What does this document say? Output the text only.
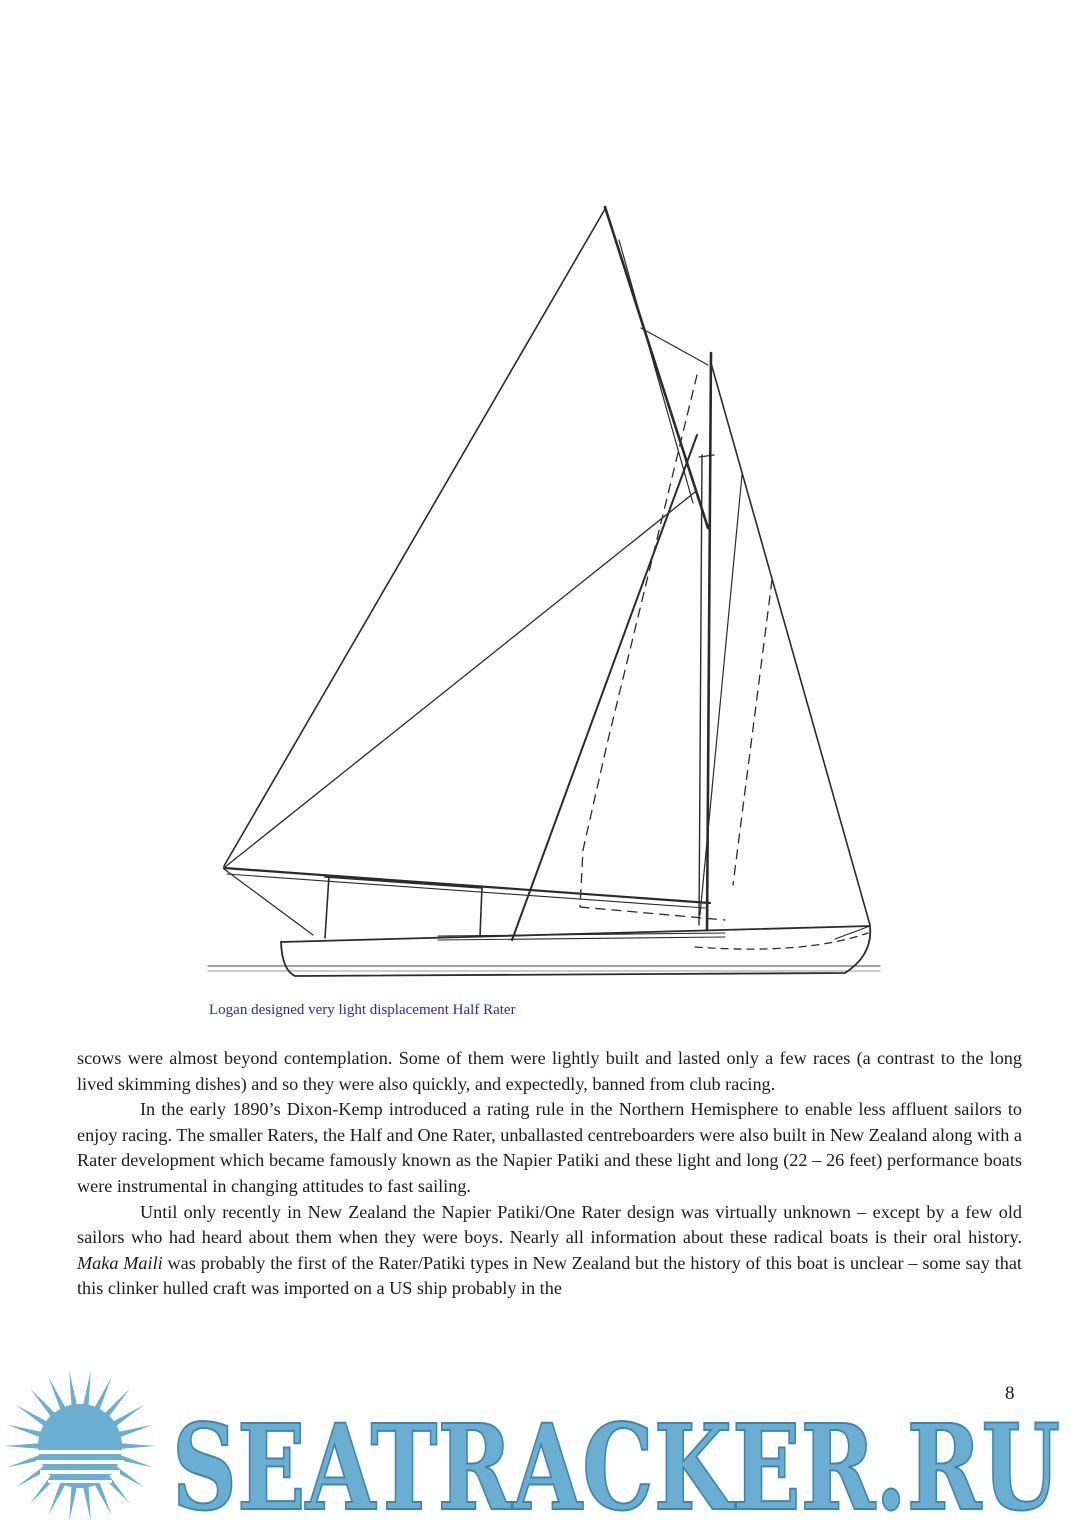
Logan designed very light displacement Half Rater

scows were almost beyond contemplation. Some of them were lightly built and lasted only a few races (a contrast to the long lived skimming dishes) and so they were also quickly, and expectedly, banned from club racing.

In the early 1890’s Dixon-Kemp introduced a rating rule in the Northern Hemisphere to enable less affluent sailors to enjoy racing. The smaller Raters, the Half and One Rater, unballasted centreboarders were also built in New Zealand along with a Rater development which became famously known as the Napier Patiki and these light and long (22 – 26 feet) performance boats were instrumental in changing attitudes to fast sailing.

Until only recently in New Zealand the Napier Patiki/One Rater design was virtually unknown – except by a few old sailors who had heard about them when they were boys. Nearly all information about these radical boats is their oral history. Maka Maili was probably the first of the Rater/Patiki types in New Zealand but the history of this boat is unclear – some say that this clinker hulled craft was imported on a US ship probably in the

8
SEATRACKER.RU
